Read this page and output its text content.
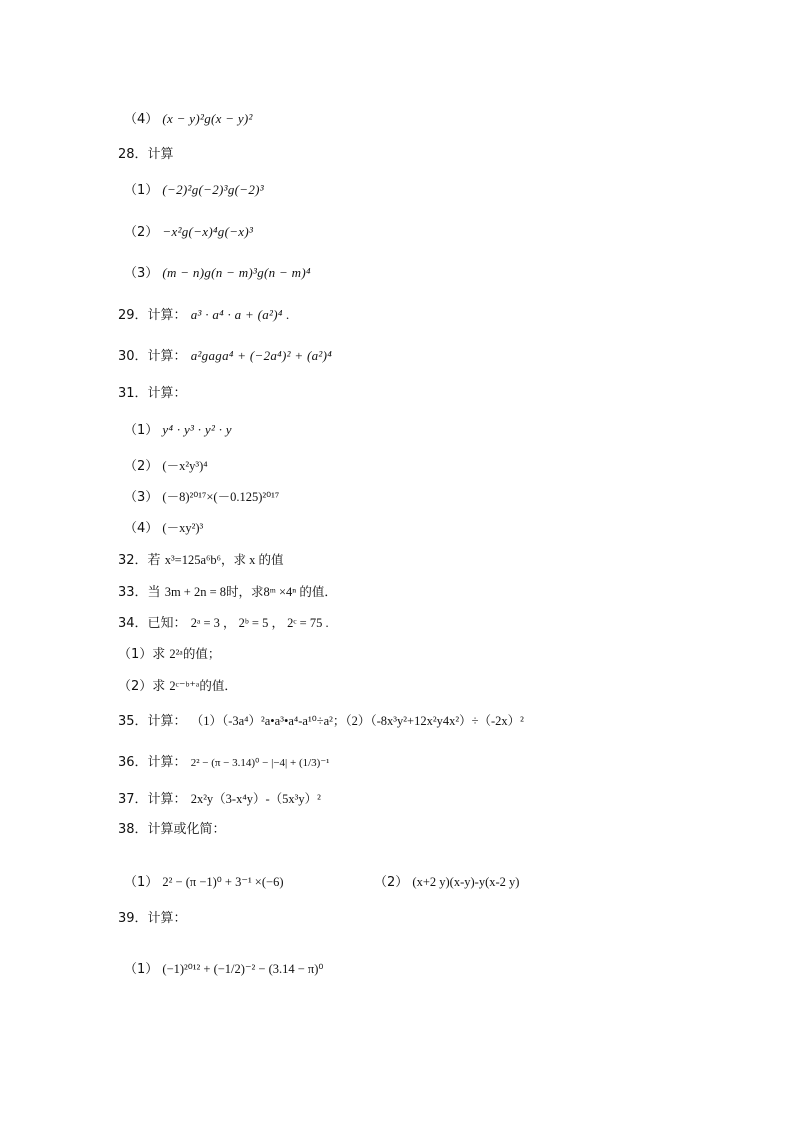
（4） (x − y)²g(x − y)²
28．计算
（1） (−2)²g(−2)³g(−2)³
（2） −x²g(−x)⁴g(−x)³
（3） (m − n)g(n − m)³g(n − m)⁴
29．计算： a³ · a⁴ · a + (a²)⁴ .
30．计算： a²gaga⁴ + (−2a⁴)² + (a²)⁴
31．计算：
（1） y⁴ · y³ · y² · y
（2） (－x²y³)⁴
（3） (－8)²⁰¹⁷×(－0.125)²⁰¹⁷
（4） (－xy²)³
32．若 x³=125a⁶b⁶，求 x 的值
33．当 3m + 2n = 8时，求8ᵐ ×4ⁿ 的值．
34．已知： 2ᵃ = 3 ， 2ᵇ = 5 ， 2ᶜ = 75 .
（1）求 2²ᵃ的值；
（2）求 2ᶜ⁻ᵇ⁺ᵃ的值．
35．计算： （1）（-3a⁴）²a•a³•a⁴-a¹⁰÷a²；（2）（-8x³y²+12x²y4x²）÷（-2x）²
36．计算： 2² − (π − 3.14)⁰ − |−4| + (1/3)⁻¹
37．计算： 2x²y（3-x⁴y）-（5x³y）²
38．计算或化简：
（1） 2² − (π −1)⁰ + 3⁻¹ ×(−6)	（2） (x+2 y)(x-y)-y(x-2 y)
39．计算：
（1） (−1)²⁰¹² + (−1/2)⁻² − (3.14 − π)⁰
